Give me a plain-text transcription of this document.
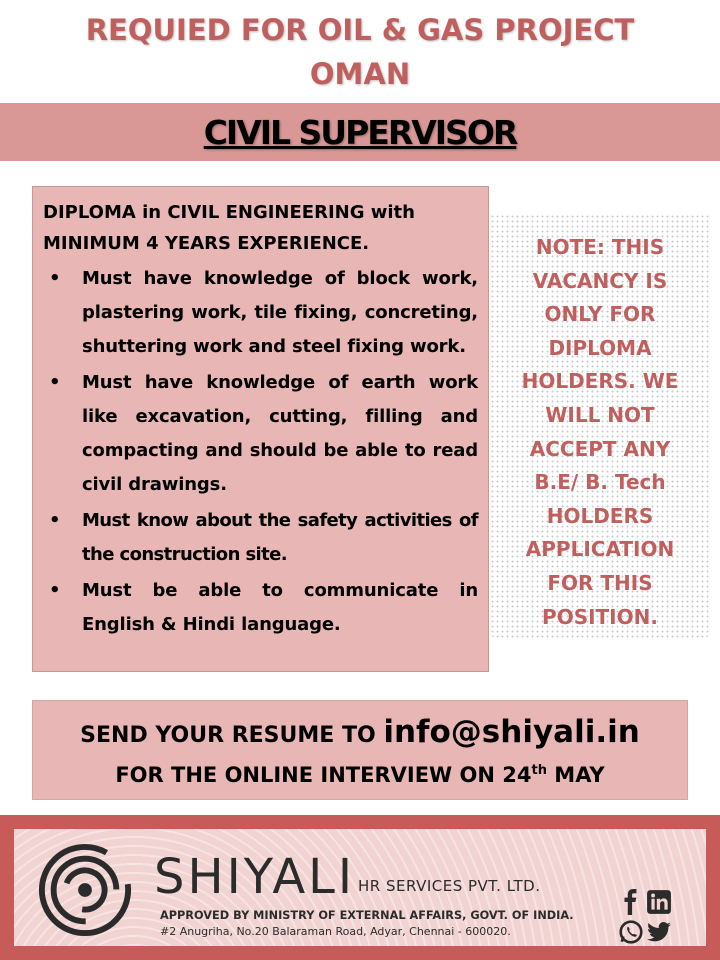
REQUIED FOR OIL & GAS PROJECT
OMAN
CIVIL SUPERVISOR
DIPLOMA in CIVIL ENGINEERING with
MINIMUM 4 YEARS EXPERIENCE.
• Must have knowledge of block work, plastering work, tile fixing, concreting, shuttering work and steel fixing work.
• Must have knowledge of earth work like excavation, cutting, filling and compacting and should be able to read civil drawings.
• Must know about the safety activities of the construction site.
• Must be able to communicate in English & Hindi language.
NOTE: THIS
VACANCY IS
ONLY FOR
DIPLOMA
HOLDERS. WE
WILL NOT
ACCEPT ANY
B.E/ B. Tech
HOLDERS
APPLICATION
FOR THIS
POSITION.
SEND YOUR RESUME TO info@shiyali.in
FOR THE ONLINE INTERVIEW ON 24th MAY
SHIYALI HR SERVICES PVT. LTD.
APPROVED BY MINISTRY OF EXTERNAL AFFAIRS, GOVT. OF INDIA.
#2 Anugriha, No.20 Balaraman Road, Adyar, Chennai - 600020.
